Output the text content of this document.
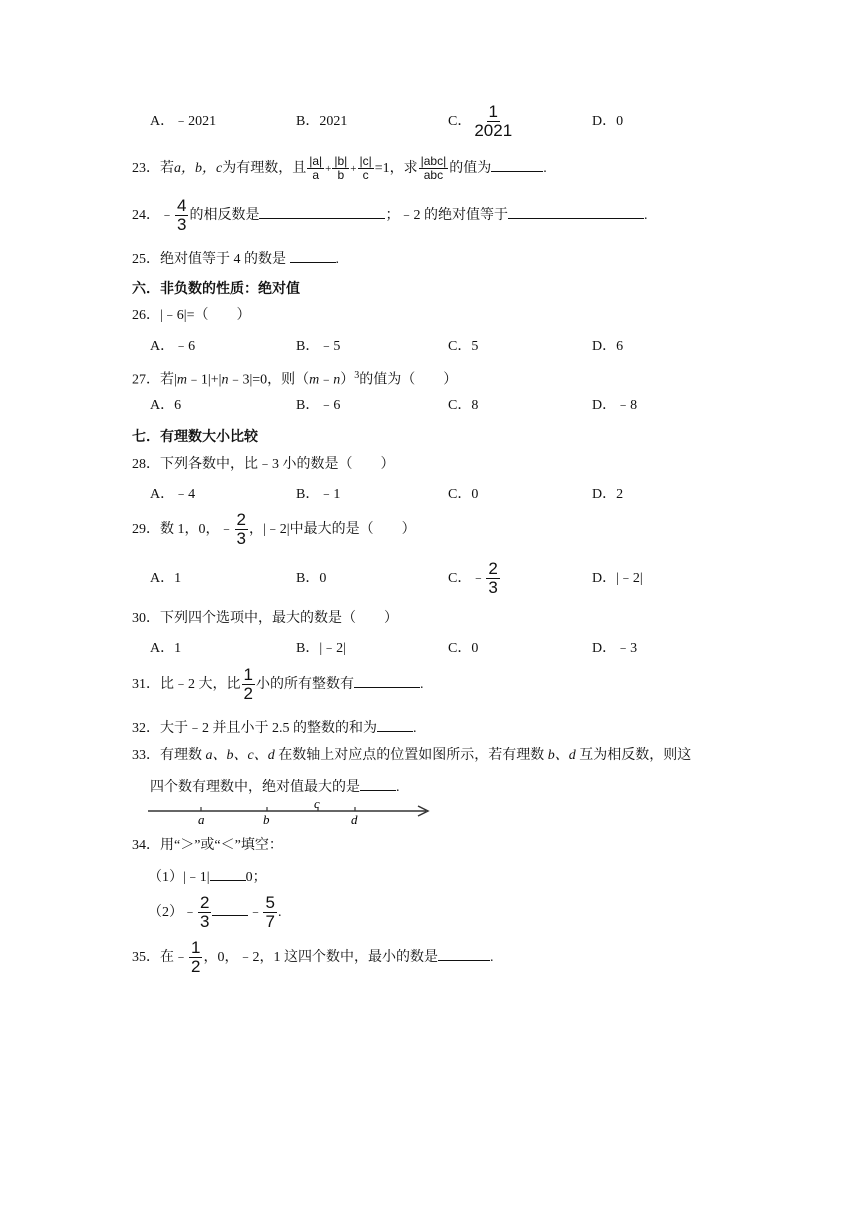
A．﹣2021	B．2021	C． $\frac{1}{2021}$	D．0
23．若a，b，c为有理数，且 $\frac{|a|}{a} + \frac{|b|}{b} + \frac{|c|}{c} =1$，求 $\frac{\text{|abc|}}{\text{abc}}$ 的值为	.
24．﹣ $\frac{4}{3}$ 的相反数是	；﹣2 的绝对值等于	.
25．绝对值等于 4 的数是	.
六．非负数的性质：绝对值
26．|﹣6|=（　　）
A．﹣6	B．﹣5	C．5	D．6
27．若|m﹣1|+|n﹣3|=0，则（m﹣n）$^3$的值为（　　）
A．6	B．﹣6	C．8	D．﹣8
七．有理数大小比较
28．下列各数中，比﹣3 小的数是（　　）
A．﹣4	B．﹣1	C．0	D．2
29．数 1，0，﹣ $\frac{2}{3}$ ，|﹣2|中最大的是（　　）
A．1	B．0	C．﹣ $\frac{2}{3}$	D．|﹣2|
30．下列四个选项中，最大的数是（　　）
A．1	B．|﹣2|	C．0	D．﹣3
31．比﹣2 大，比 $\frac{1}{2}$ 小的所有整数有	.
32．大于﹣2 并且小于 2.5 的整数的和为	.
33．有理数 a、b、c、d 在数轴上对应点的位置如图所示，若有理数 b、d 互为相反数，则这
四个数有理数中，绝对值最大的是	.
a	b
c
d
34．用“＞”或“＜”填空：
（1）|﹣1|	0；
（2）﹣ $\frac{2}{3}$	﹣ $\frac{5}{7}$ .
35．在﹣ $\frac{1}{2}$ ，0，﹣2，1 这四个数中，最小的数是	.
